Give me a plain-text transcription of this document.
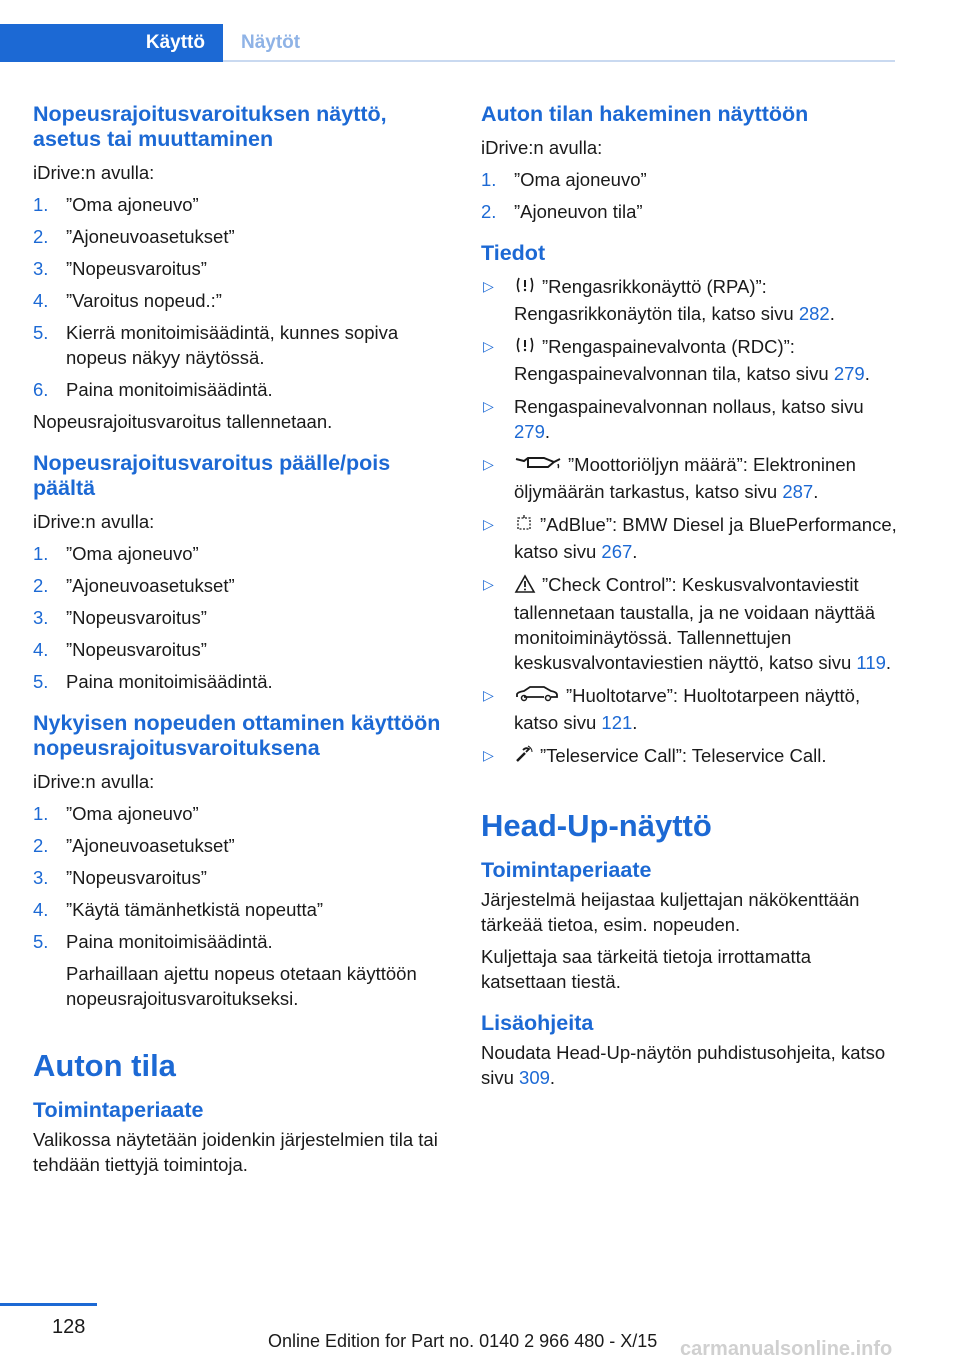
Käyttö	Näytöt
Nopeusrajoitusvaroituksen näyttö, asetus tai muuttaminen

iDrive:n avulla:

1. ”Oma ajoneuvo”
2. ”Ajoneuvoasetukset”
3. ”Nopeusvaroitus”
4. ”Varoitus nopeud.:”
5. Kierrä monitoimisäädintä, kunnes sopiva nopeus näkyy näytössä.
6. Paina monitoimisäädintä.

Nopeusrajoitusvaroitus tallennetaan.

Nopeusrajoitusvaroitus päälle/pois päältä

iDrive:n avulla:

1. ”Oma ajoneuvo”
2. ”Ajoneuvoasetukset”
3. ”Nopeusvaroitus”
4. ”Nopeusvaroitus”
5. Paina monitoimisäädintä.
Nykyisen nopeuden ottaminen käyttöön nopeusrajoitusvaroituksena

iDrive:n avulla:

1. ”Oma ajoneuvo”
2. ”Ajoneuvoasetukset”
3. ”Nopeusvaroitus”
4. ”Käytä tämänhetkistä nopeutta”
5. Paina monitoimisäädintä.
Parhaillaan ajettu nopeus otetaan käyttöön nopeusrajoitusvaroitukseksi.
Auton tila
Toimintaperiaate

Valikossa näytetään joidenkin järjestelmien tila tai tehdään tiettyjä toimintoja.

Auton tilan hakeminen näyttöön

iDrive:n avulla:

1. ”Oma ajoneuvo”
2. ”Ajoneuvon tila”
Tiedot
▷	”Rengasrikkonäyttö (RPA)”: Rengasrikkonäytön tila, katso sivu 282.
▷	”Rengaspainevalvonta (RDC)”: Rengaspainevalvonnan tila, katso sivu 279.
▷ Rengaspainevalvonnan nollaus, katso sivu 279.
▷	”Moottoriöljyn määrä”: Elektroninen öljymäärän tarkastus, katso sivu 287.
▷ ”AdBlue”: BMW Diesel ja BluePerformance, katso sivu 267.
▷	”Check Control”: Keskusvalvontaviestit tallennetaan taustalla, ja ne voidaan näyttää monitoiminäytössä. Tallennettujen keskusvalvontaviestien näyttö, katso sivu 119.
▷	”Huoltotarve”: Huoltotarpeen näyttö, katso sivu 121.
▷ ”Teleservice Call”: Teleservice Call.
Head-Up-näyttö
Toimintaperiaate

Järjestelmä heijastaa kuljettajan näkökenttään tärkeää tietoa, esim. nopeuden.

Kuljettaja saa tärkeitä tietoja irrottamatta katsettaan tiestä.

Lisäohjeita

Noudata Head-Up-näytön puhdistusohjeita, katso sivu 309.

128
Online Edition for Part no. 0140 2 966 480 - X/15 carmanualsonline.info
